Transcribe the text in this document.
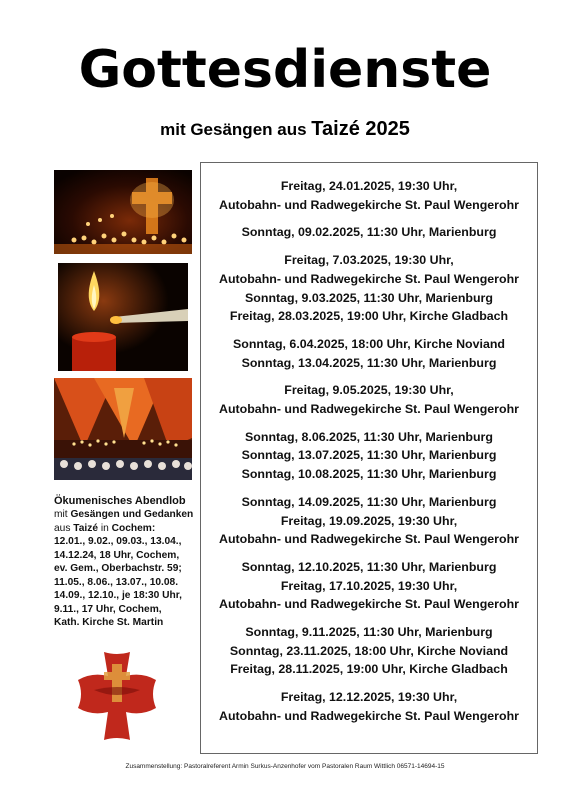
Gottesdienste
mit Gesängen aus Taizé 2025
Ökumenisches Abendlob
mit Gesängen und Gedanken
aus Taizé in Cochem:
12.01., 9.02., 09.03., 13.04.,
14.12.24, 18 Uhr, Cochem,
ev. Gem., Oberbachstr. 59;
11.05., 8.06., 13.07., 10.08.
14.09., 12.10., je 18:30 Uhr,
9.11., 17 Uhr, Cochem,
Kath. Kirche St. Martin
Freitag, 24.01.2025, 19:30 Uhr,
Autobahn- und Radwegekirche St. Paul Wengerohr
Sonntag, 09.02.2025, 11:30 Uhr, Marienburg
Freitag, 7.03.2025, 19:30 Uhr,
Autobahn- und Radwegekirche St. Paul Wengerohr
Sonntag, 9.03.2025, 11:30 Uhr, Marienburg
Freitag, 28.03.2025, 19:00 Uhr, Kirche Gladbach
Sonntag, 6.04.2025, 18:00 Uhr, Kirche Noviand
Sonntag, 13.04.2025, 11:30 Uhr, Marienburg
Freitag, 9.05.2025, 19:30 Uhr,
Autobahn- und Radwegekirche St. Paul Wengerohr
Sonntag, 8.06.2025, 11:30 Uhr, Marienburg
Sonntag, 13.07.2025, 11:30 Uhr, Marienburg
Sonntag, 10.08.2025, 11:30 Uhr, Marienburg
Sonntag, 14.09.2025, 11:30 Uhr, Marienburg
Freitag, 19.09.2025, 19:30 Uhr,
Autobahn- und Radwegekirche St. Paul Wengerohr
Sonntag, 12.10.2025, 11:30 Uhr, Marienburg
Freitag, 17.10.2025, 19:30 Uhr,
Autobahn- und Radwegekirche St. Paul Wengerohr
Sonntag, 9.11.2025, 11:30 Uhr, Marienburg
Sonntag, 23.11.2025, 18:00 Uhr, Kirche Noviand
Freitag, 28.11.2025, 19:00 Uhr, Kirche Gladbach
Freitag, 12.12.2025, 19:30 Uhr,
Autobahn- und Radwegekirche St. Paul Wengerohr
Zusammenstellung: Pastoralreferent Armin Surkus-Anzenhofer vom Pastoralen Raum Wittlich 06571-14694-15
